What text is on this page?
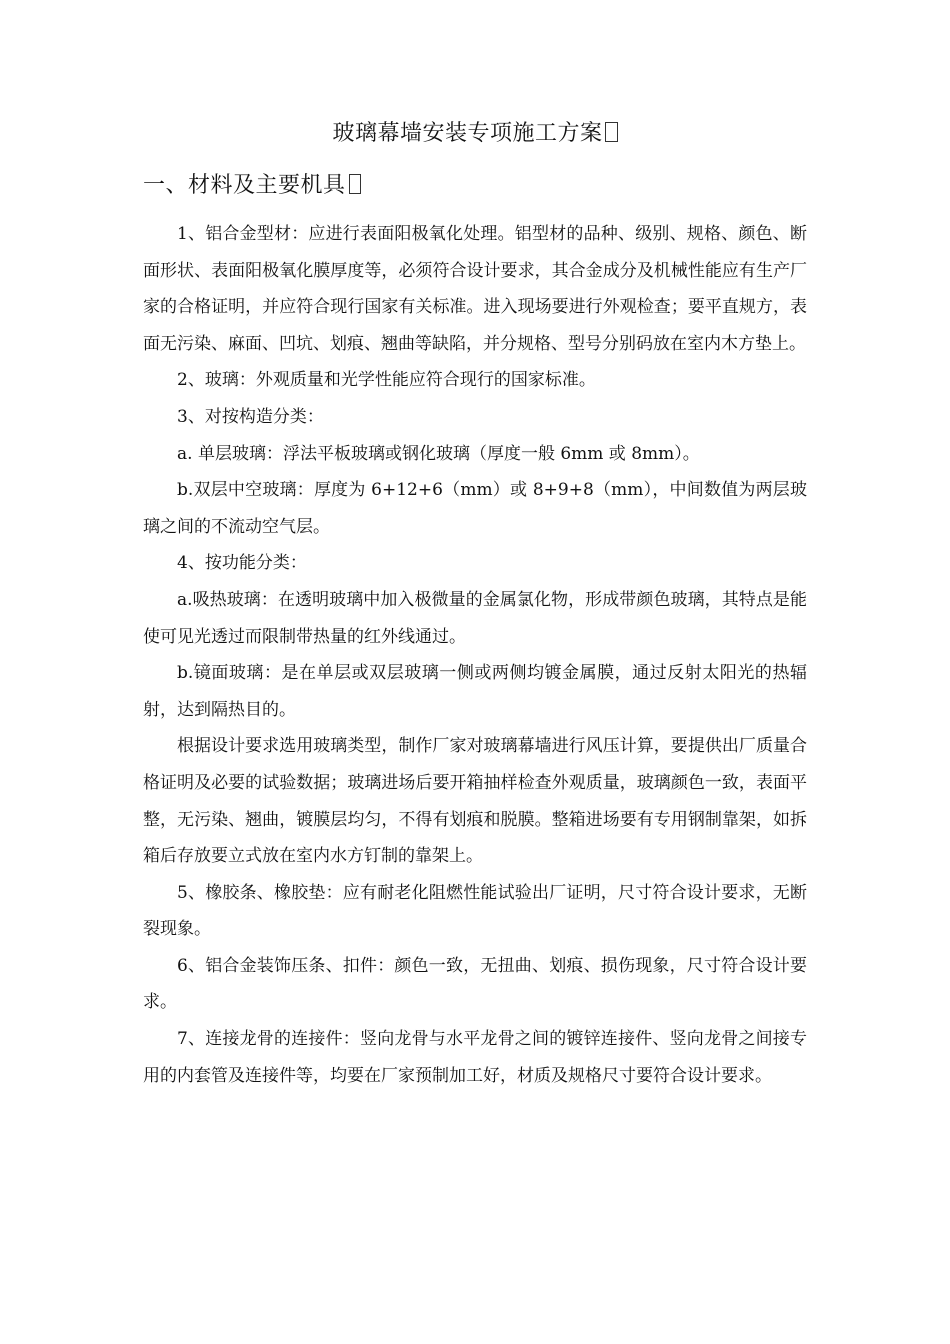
玻璃幕墙安装专项施工方案
一、材料及主要机具

1、铝合金型材：应进行表面阳极氧化处理。铝型材的品种、级别、规格、颜色、断面形状、表面阳极氧化膜厚度等，必须符合设计要求，其合金成分及机械性能应有生产厂家的合格证明，并应符合现行国家有关标准。进入现场要进行外观检查；要平直规方，表面无污染、麻面、凹坑、划痕、翘曲等缺陷，并分规格、型号分别码放在室内木方垫上。

2、玻璃：外观质量和光学性能应符合现行的国家标准。

3、对按构造分类：

a. 单层玻璃：浮法平板玻璃或钢化玻璃（厚度一般 6mm 或 8mm）。

b.双层中空玻璃：厚度为 6+12+6（mm）或 8+9+8（mm），中间数值为两层玻璃之间的不流动空气层。

4、按功能分类：

a.吸热玻璃：在透明玻璃中加入极微量的金属氯化物，形成带颜色玻璃，其特点是能使可见光透过而限制带热量的红外线通过。

b.镜面玻璃：是在单层或双层玻璃一侧或两侧均镀金属膜，通过反射太阳光的热辐射，达到隔热目的。

根据设计要求选用玻璃类型，制作厂家对玻璃幕墙进行风压计算，要提供出厂质量合格证明及必要的试验数据；玻璃进场后要开箱抽样检查外观质量，玻璃颜色一致，表面平整，无污染、翘曲，镀膜层均匀，不得有划痕和脱膜。整箱进场要有专用钢制靠架，如拆箱后存放要立式放在室内水方钉制的靠架上。

5、橡胶条、橡胶垫：应有耐老化阻燃性能试验出厂证明，尺寸符合设计要求，无断裂现象。

6、铝合金装饰压条、扣件：颜色一致，无扭曲、划痕、损伤现象，尺寸符合设计要求。

7、连接龙骨的连接件：竖向龙骨与水平龙骨之间的镀锌连接件、竖向龙骨之间接专用的内套管及连接件等，均要在厂家预制加工好，材质及规格尺寸要符合设计要求。
